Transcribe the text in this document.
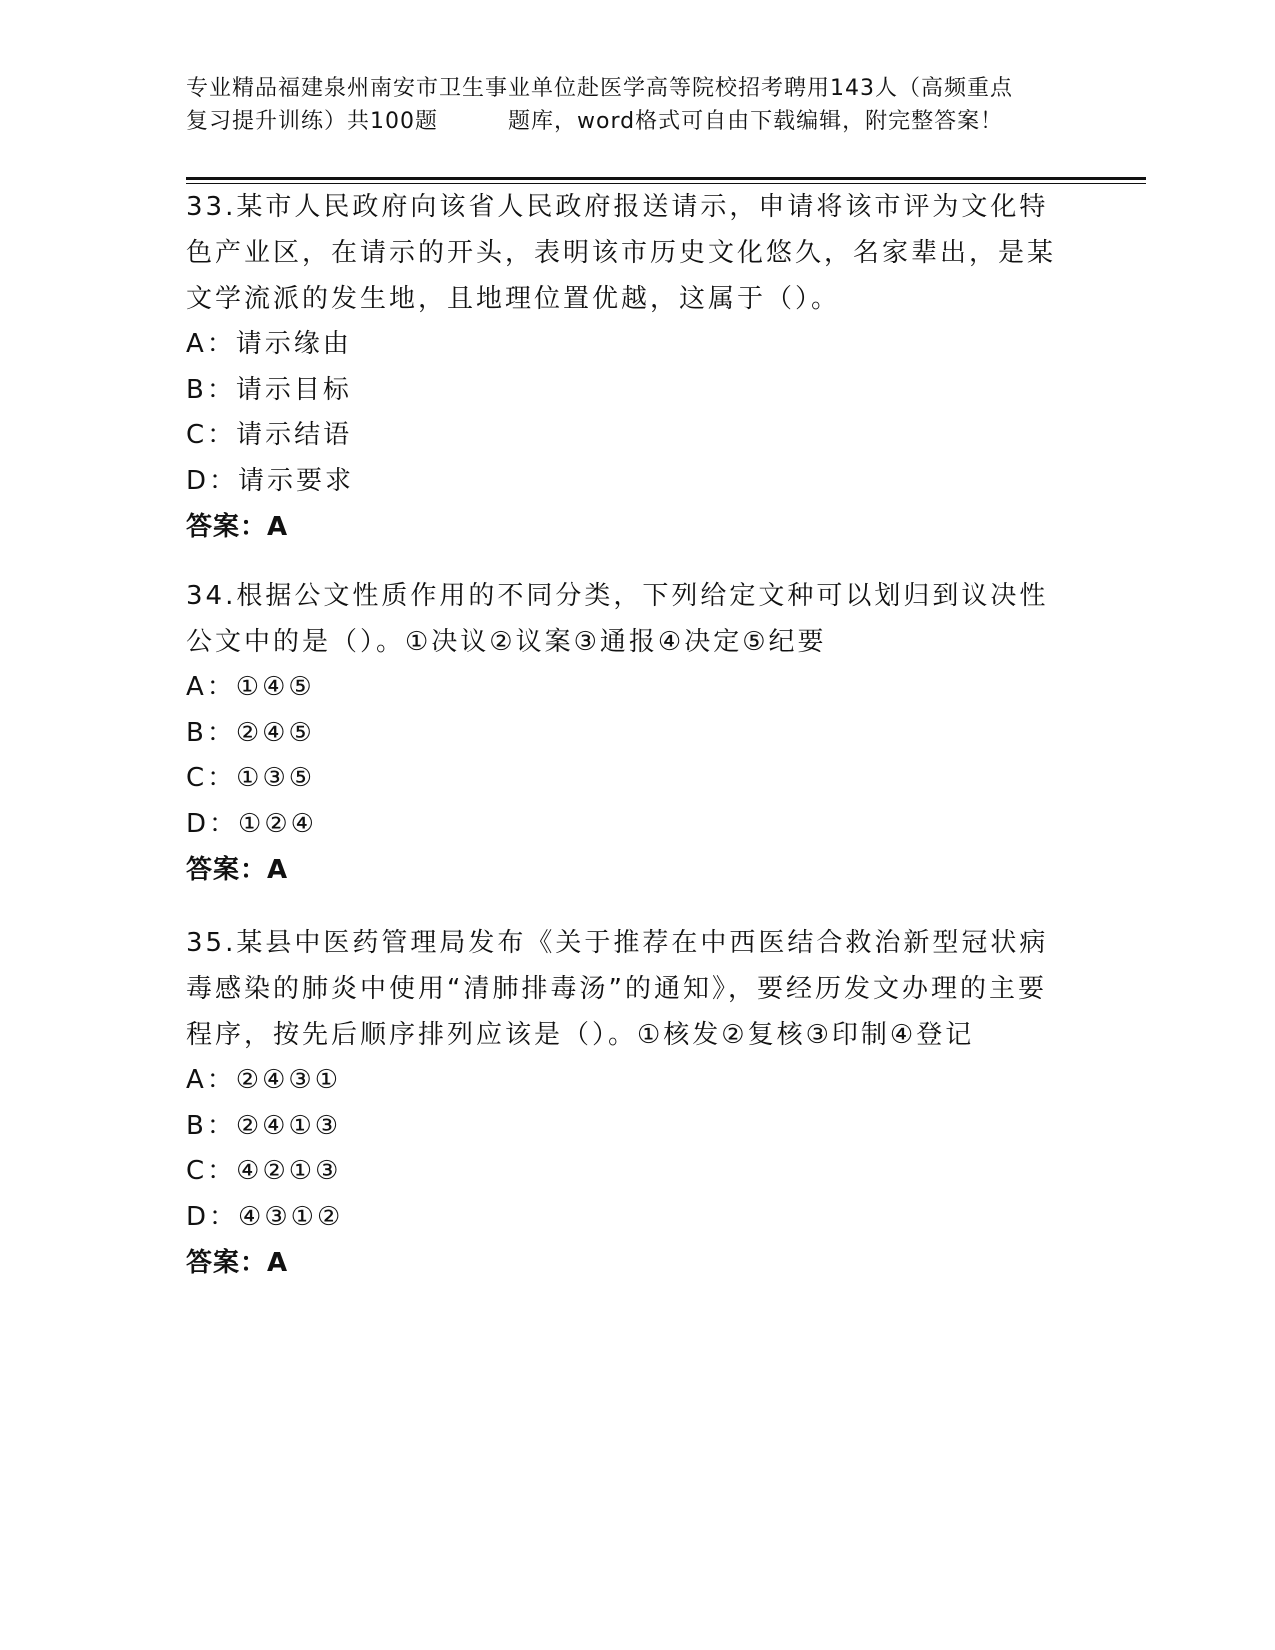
专业精品福建泉州南安市卫生事业单位赴医学高等院校招考聘用143人（高频重点
复习提升训练）共100题	题库，word格式可自由下载编辑，附完整答案！

33.某市人民政府向该省人民政府报送请示，申请将该市评为文化特色产业区，在请示的开头，表明该市历史文化悠久，名家辈出，是某文学流派的发生地，且地理位置优越，这属于（）。

A：请示缘由

B：请示目标

C：请示结语

D：请示要求

答案：A

34.根据公文性质作用的不同分类，下列给定文种可以划归到议决性公文中的是（）。①决议②议案③通报④决定⑤纪要

A：①④⑤

B：②④⑤

C：①③⑤

D：①②④

答案：A

35.某县中医药管理局发布《关于推荐在中西医结合救治新型冠状病毒感染的肺炎中使用“清肺排毒汤”的通知》，要经历发文办理的主要程序，按先后顺序排列应该是（）。①核发②复核③印制④登记

A：②④③①

B：②④①③

C：④②①③

D：④③①②

答案：A
